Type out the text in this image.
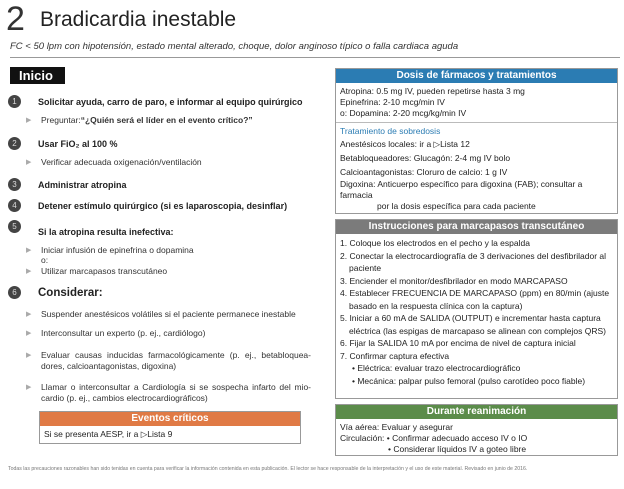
2 Bradicardia inestable
FC < 50 lpm con hipotensión, estado mental alterado, choque, dolor anginoso típico o falla cardiaca aguda
Inicio
1	Solicitar ayuda, carro de paro, e informar al equipo quirúrgico
▶	Preguntar: “¿Quién será el líder en el evento crítico?”
2	Usar FiO₂ al 100 %
▶	Verificar adecuada oxigenación/ventilación
3	Administrar atropina
4	Detener estímulo quirúrgico (si es laparoscopia, desinflar)
5
Si la atropina resulta inefectiva:
▶	Iniciar infusión de epinefrina o dopamina
o:
▶	Utilizar marcapasos transcutáneo
6	Considerar:
▶	Suspender anestésicos volátiles si el paciente permanece inestable
▶	Interconsultar un experto (p. ej., cardiólogo)
▶	Evaluar causas inducidas farmacológicamente (p. ej., betabloquea-dores, calcioantagonistas, digoxina)
▶	Llamar o interconsultar a Cardiología si se sospecha infarto del mio-cardio (p. ej., cambios electrocardiográficos)
Eventos críticos
Si se presenta AESP, ir a ▷Lista 9
Dosis de fármacos y tratamientos
Atropina: 0.5 mg IV, pueden repetirse hasta 3 mg
Epinefrina: 2-10 mcg/min IV
o: Dopamina: 2-20 mcg/kg/min IV
Tratamiento de sobredosis
Anestésicos locales: ir a ▷Lista 12
Betabloqueadores: Glucagón: 2-4 mg IV bolo
Calcioantagonistas: Cloruro de calcio: 1 g IV
Digoxina: Anticuerpo específico para digoxina (FAB); consultar a farmacia
por la dosis específica para cada paciente
Instrucciones para marcapasos transcutáneo
1. Coloque los electrodos en el pecho y la espalda
2. Conectar la electrocardiografía de 3 derivaciones del desfibrilador al paciente
3. Enciender el monitor/desfibrilador en modo MARCAPASO
4. Establecer FRECUENCIA DE MARCAPASO (ppm) en 80/min (ajuste basado en la respuesta clínica con la captura)
5. Iniciar a 60 mA de SALIDA (OUTPUT) e incrementar hasta captura eléctrica (las espigas de marcapaso se alinean con complejos QRS)
6. Fijar la SALIDA 10 mA por encima de nivel de captura inicial
7. Confirmar captura efectiva
• Eléctrica: evaluar trazo electrocardiográfico
• Mecánica: palpar pulso femoral (pulso carotídeo poco fiable)
Durante reanimación
Vía aérea: Evaluar y asegurar
Circulación: • Confirmar adecuado acceso IV o IO
• Considerar líquidos IV a goteo libre
Todas las precauciones razonables han sido tenidas en cuenta para verificar la información contenida en esta publicación. El lector se hace responsable de la interpretación y el uso de este material. Revisado en junio de 2016.
